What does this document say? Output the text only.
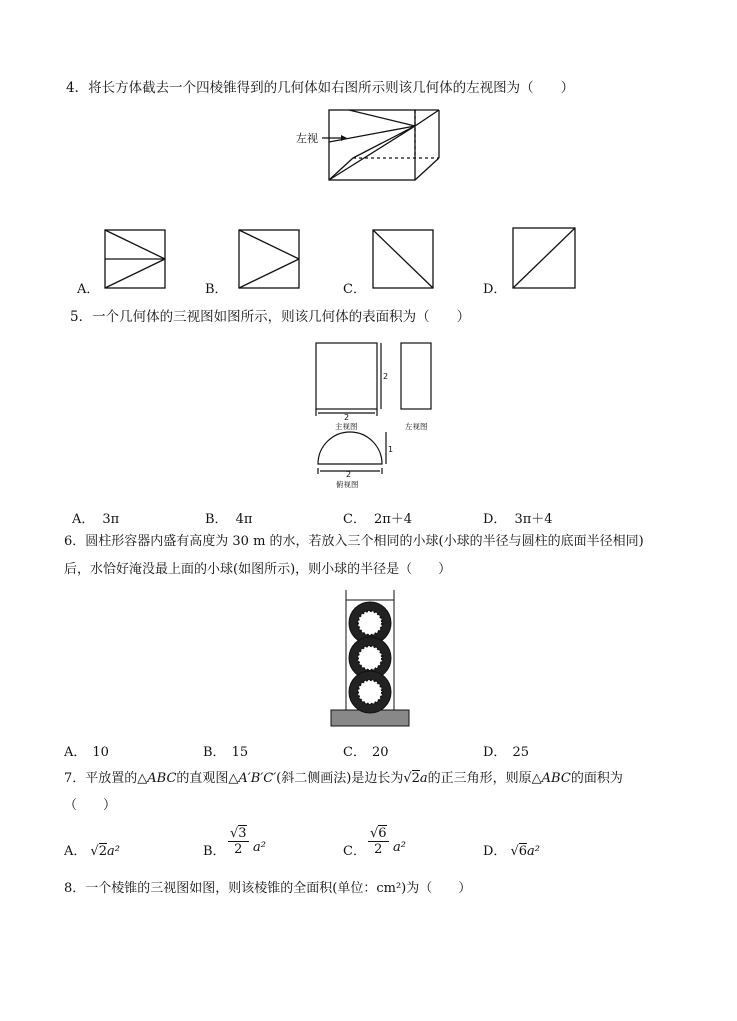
4．将长方体截去一个四棱锥得到的几何体如右图所示则该几何体的左视图为（　　）
左视
A．	B．	C．	D．
5．一个几何体的三视图如图所示，则该几何体的表面积为（　　）
2
2
主视图	左视图
1
2
俯视图
A． 3π	B． 4π	C． 2π＋4	D． 3π＋4
6．圆柱形容器内盛有高度为 30 m 的水，若放入三个相同的小球(小球的半径与圆柱的底面半径相同)
后，水恰好淹没最上面的小球(如图所示)，则小球的半径是（　　）
A． 10	B． 15	C． 20	D． 25
7．平放置的△ABC的直观图△A′B′C′(斜二侧画法)是边长为√2a的正三角形，则原△ABC的面积为
（　　）
A． √2a²	B． $\frac{√3}{2} a^2$	C． $\frac{√6}{2} a^2$	D． √6a²
8．一个棱锥的三视图如图，则该棱锥的全面积(单位：cm²)为（　　）
